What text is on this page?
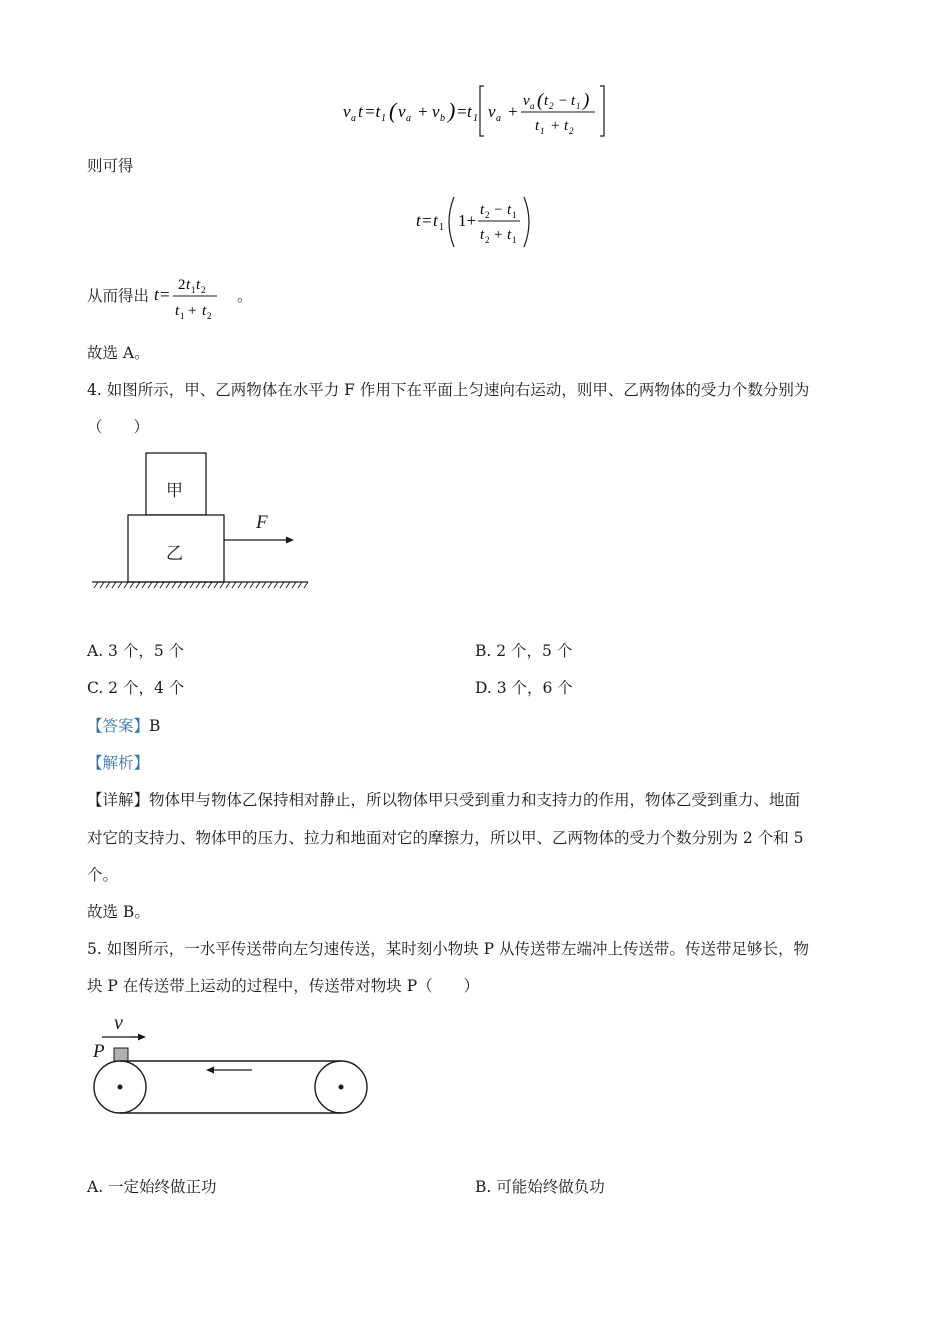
v a t =t 1 ( v a + v b ) = t 1 v a +
v a ( t 2 − t 1 )
t 1 + t 2
则可得
t = t 1 1+
t 2 − t 1
t 2 + t 1
从而得出 t = 2 t 1 t 2
t 1 + t 2
。
故选 A。
4. 如图所示，甲、乙两物体在水平力 F 作用下在平面上匀速向右运动，则甲、乙两物体的受力个数分别为
（　　）
甲
乙
F
A. 3 个，5 个	B. 2 个，5 个
C. 2 个，4 个	D. 3 个，6 个
【答案】B
【解析】
【详解】物体甲与物体乙保持相对静止，所以物体甲只受到重力和支持力的作用，物体乙受到重力、地面
对它的支持力、物体甲的压力、拉力和地面对它的摩擦力，所以甲、乙两物体的受力个数分别为 2 个和 5
个。
故选 B。
5. 如图所示，一水平传送带向左匀速传送，某时刻小物块 P 从传送带左端冲上传送带。传送带足够长，物
块 P 在传送带上运动的过程中，传送带对物块 P（　　）
v
P
A. 一定始终做正功	B. 可能始终做负功
